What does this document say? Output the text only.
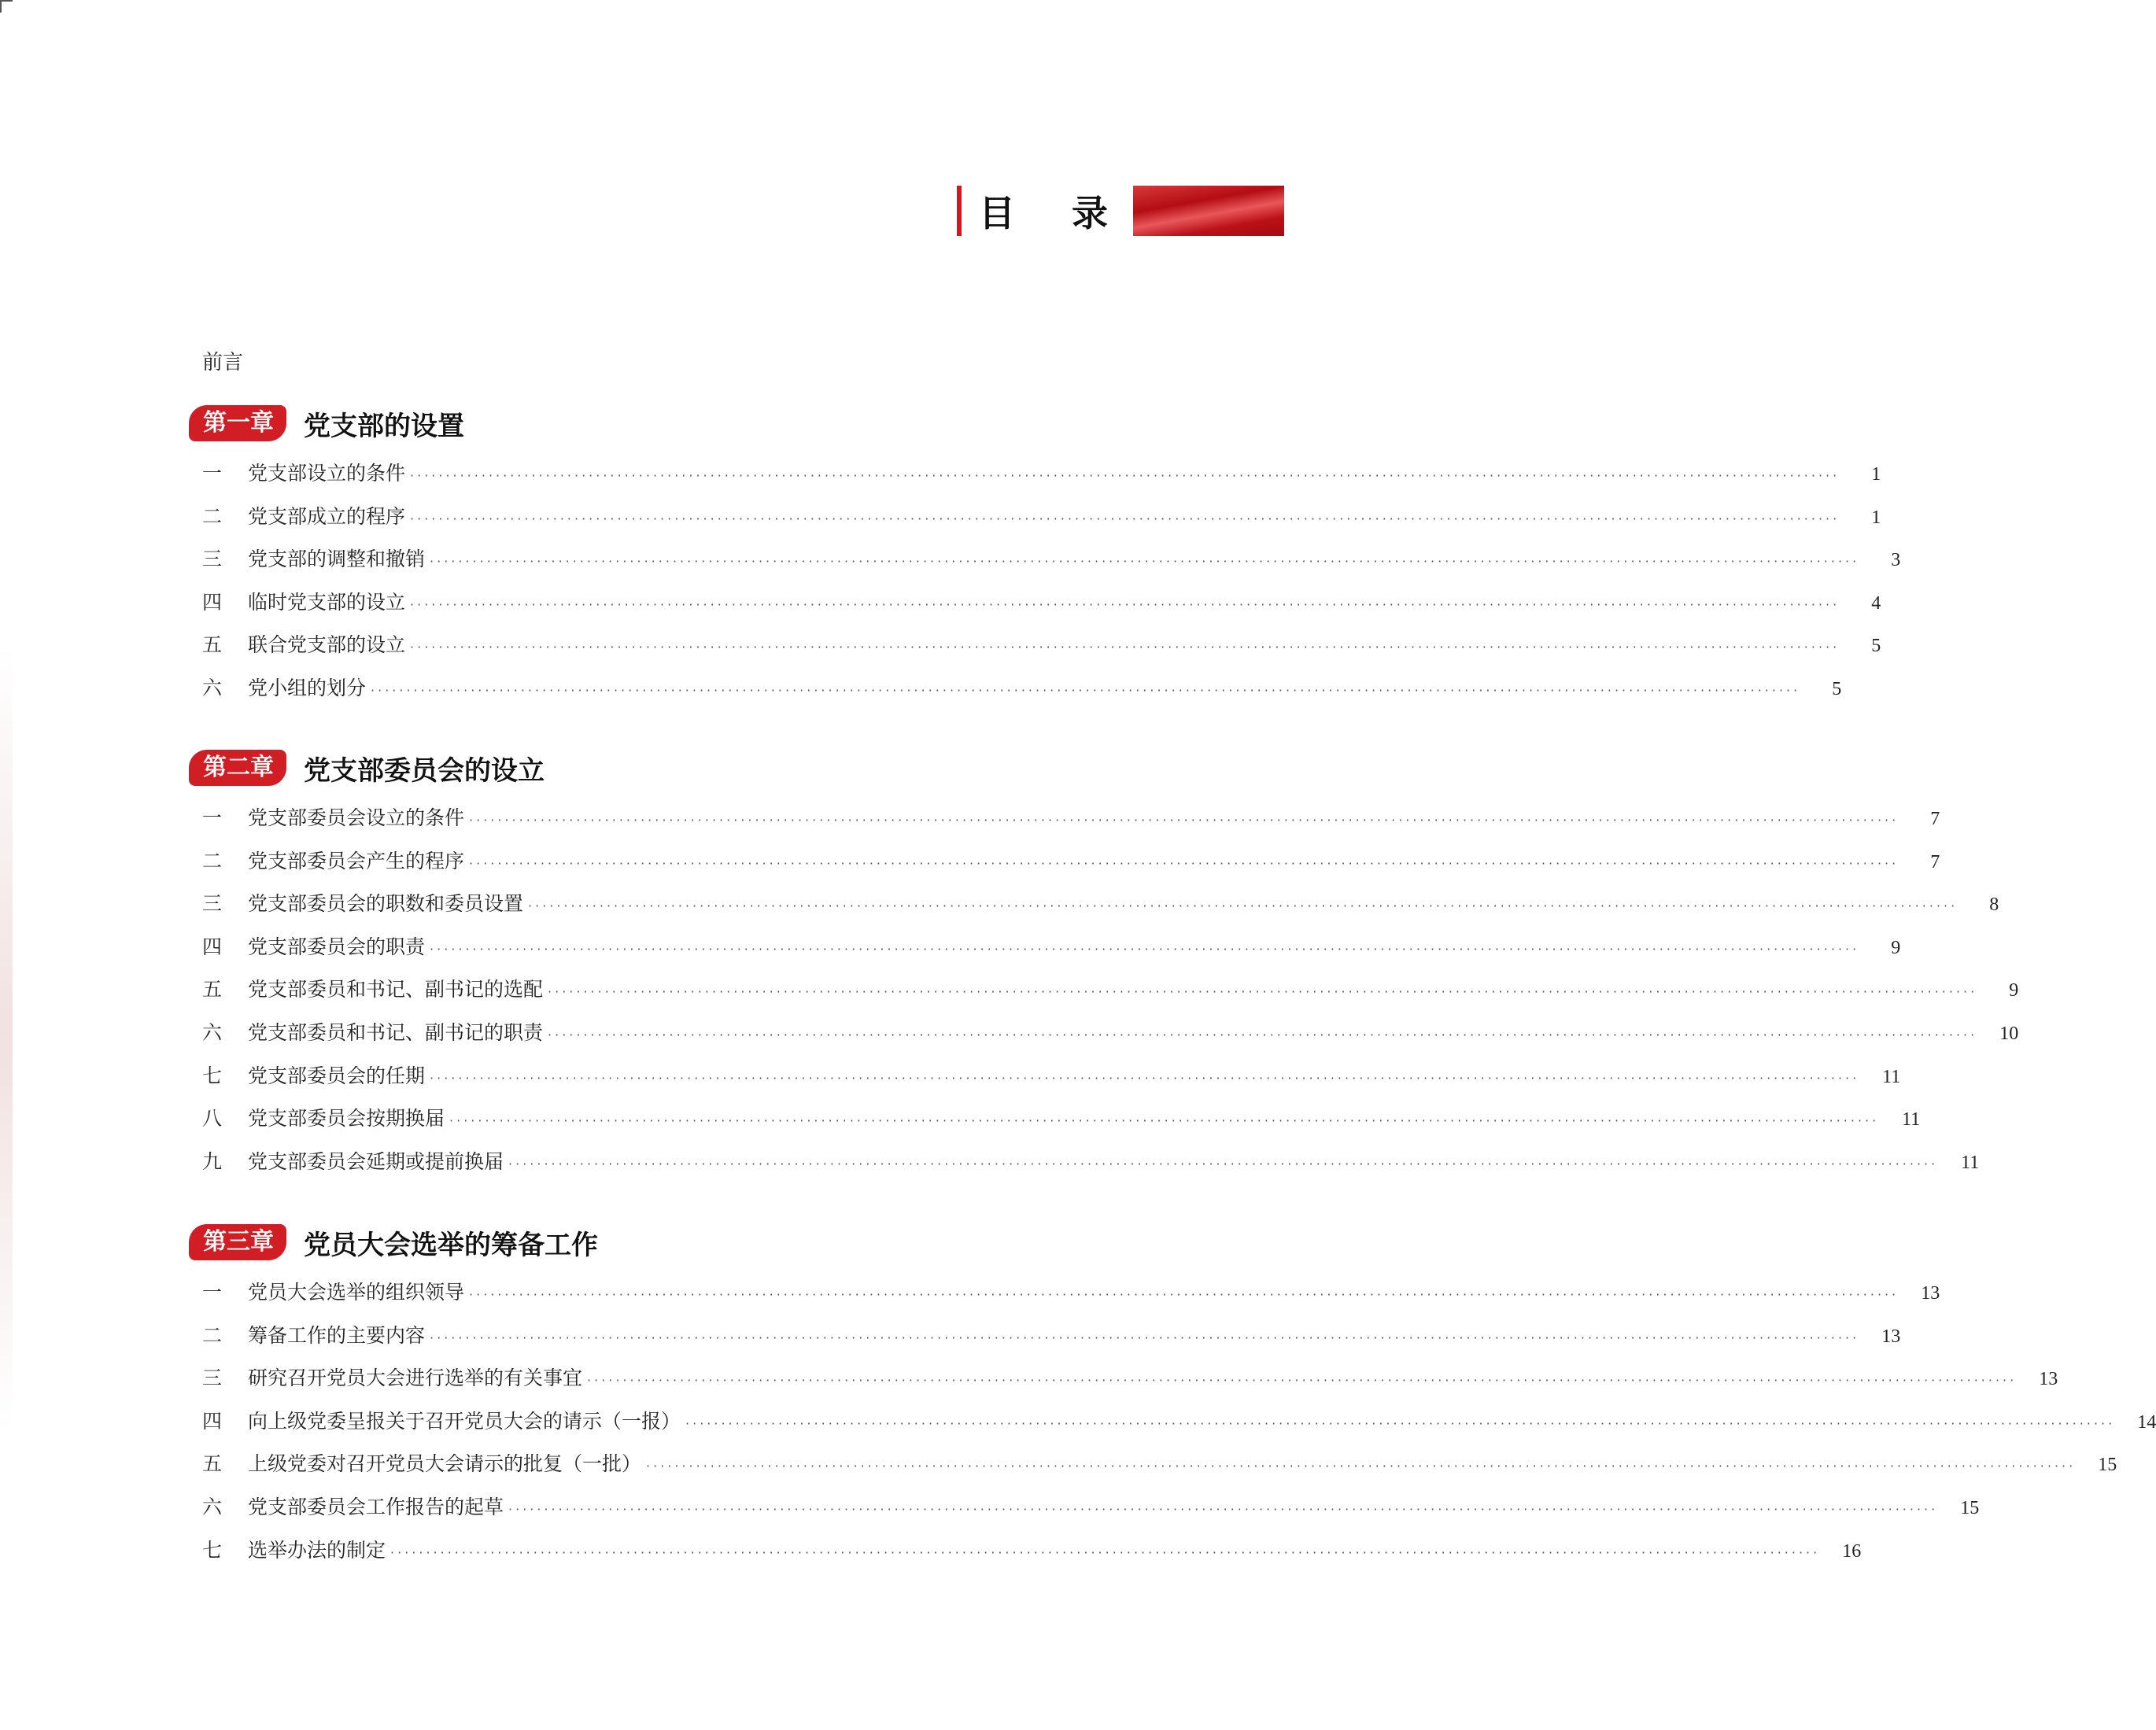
目 录
前言
第一章	党支部的设置
一	党支部设立的条件 ········································································································································································································	1
二	党支部成立的程序 ········································································································································································································	1
三	党支部的调整和撤销 ········································································································································································································	3
四	临时党支部的设立 ········································································································································································································	4
五	联合党支部的设立 ········································································································································································································	5
六	党小组的划分 ········································································································································································································	5
第二章	党支部委员会的设立
一	党支部委员会设立的条件 ········································································································································································································	7
二	党支部委员会产生的程序 ········································································································································································································	7
三	党支部委员会的职数和委员设置 ········································································································································································································	8
四	党支部委员会的职责 ········································································································································································································	9
五	党支部委员和书记、副书记的选配 ········································································································································································································	9
六	党支部委员和书记、副书记的职责 ········································································································································································································	10
七	党支部委员会的任期 ········································································································································································································	11
八	党支部委员会按期换届 ········································································································································································································	11
九	党支部委员会延期或提前换届 ········································································································································································································	11
第三章	党员大会选举的筹备工作
一	党员大会选举的组织领导 ········································································································································································································	13
二	筹备工作的主要内容 ········································································································································································································	13
三	研究召开党员大会进行选举的有关事宜 ········································································································································································································	13
四	向上级党委呈报关于召开党员大会的请示（一报） ········································································································································································································	14
五	上级党委对召开党员大会请示的批复（一批） ········································································································································································································	15
六	党支部委员会工作报告的起草 ········································································································································································································	15
七	选举办法的制定 ········································································································································································································	16
